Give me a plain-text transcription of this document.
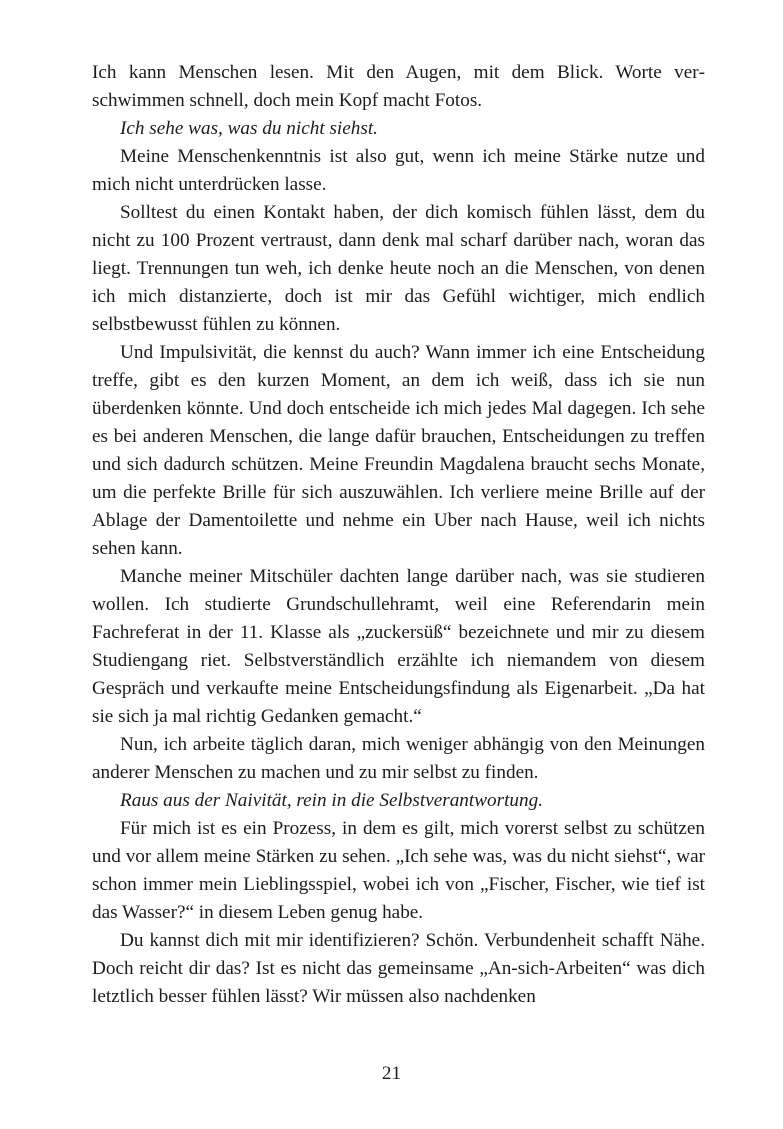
Ich kann Menschen lesen. Mit den Augen, mit dem Blick. Worte verschwimmen schnell, doch mein Kopf macht Fotos.

Ich sehe was, was du nicht siehst.

Meine Menschenkenntnis ist also gut, wenn ich meine Stärke nutze und mich nicht unterdrücken lasse.

Solltest du einen Kontakt haben, der dich komisch fühlen lässt, dem du nicht zu 100 Prozent vertraust, dann denk mal scharf darüber nach, woran das liegt. Trennungen tun weh, ich denke heute noch an die Menschen, von denen ich mich distanzierte, doch ist mir das Gefühl wichtiger, mich endlich selbstbewusst fühlen zu können.

Und Impulsivität, die kennst du auch? Wann immer ich eine Entscheidung treffe, gibt es den kurzen Moment, an dem ich weiß, dass ich sie nun überdenken könnte. Und doch entscheide ich mich jedes Mal dagegen. Ich sehe es bei anderen Menschen, die lange dafür brauchen, Entscheidungen zu treffen und sich dadurch schützen. Meine Freundin Magdalena braucht sechs Monate, um die perfekte Brille für sich auszuwählen. Ich verliere meine Brille auf der Ablage der Damentoilette und nehme ein Uber nach Hause, weil ich nichts sehen kann.

Manche meiner Mitschüler dachten lange darüber nach, was sie studieren wollen. Ich studierte Grundschullehramt, weil eine Referendarin mein Fachreferat in der 11. Klasse als „zuckersüß“ bezeichnete und mir zu diesem Studiengang riet. Selbstverständlich erzählte ich niemandem von diesem Gespräch und verkaufte meine Entscheidungsfindung als Eigenarbeit. „Da hat sie sich ja mal richtig Gedanken gemacht.“

Nun, ich arbeite täglich daran, mich weniger abhängig von den Meinungen anderer Menschen zu machen und zu mir selbst zu finden.

Raus aus der Naivität, rein in die Selbstverantwortung.

Für mich ist es ein Prozess, in dem es gilt, mich vorerst selbst zu schützen und vor allem meine Stärken zu sehen. „Ich sehe was, was du nicht siehst“, war schon immer mein Lieblingsspiel, wobei ich von „Fischer, Fischer, wie tief ist das Wasser?“ in diesem Leben genug habe.

Du kannst dich mit mir identifizieren? Schön. Verbundenheit schafft Nähe. Doch reicht dir das? Ist es nicht das gemeinsame „An-sich-Arbeiten“ was dich letztlich besser fühlen lässt? Wir müssen also nachdenken

21
